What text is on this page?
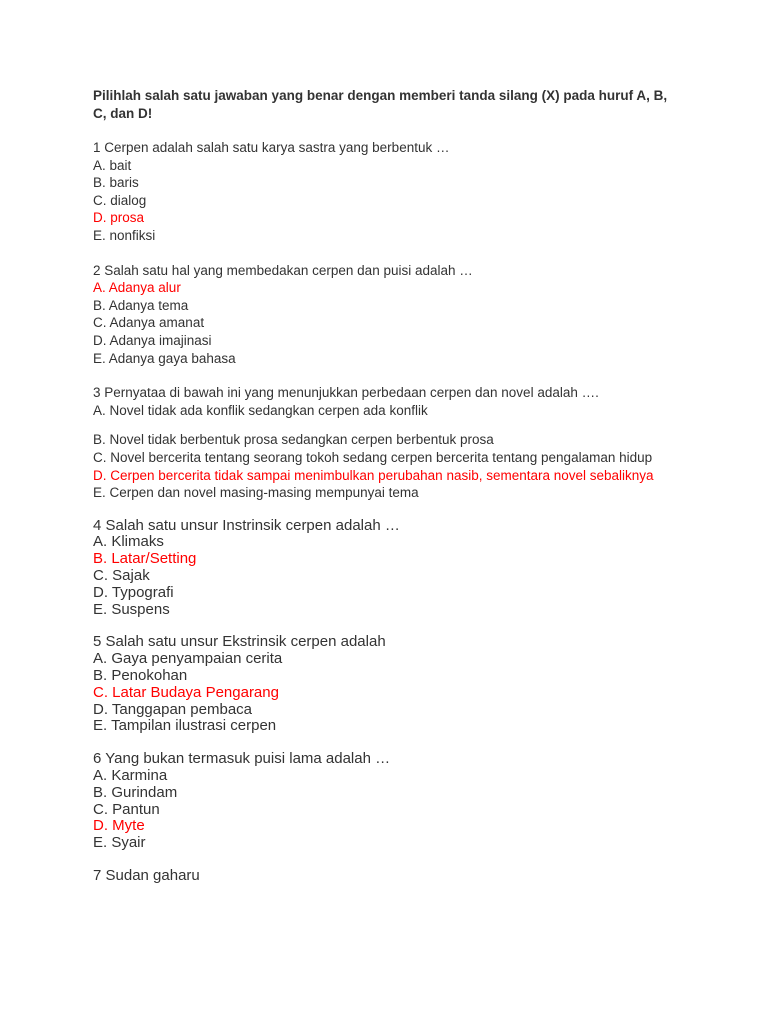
Pilihlah salah satu jawaban yang benar dengan memberi tanda silang (X) pada huruf A, B, C, dan D!

1 Cerpen adalah salah satu karya sastra yang berbentuk …
A. bait
B. baris
C. dialog
D. prosa
E. nonfiksi
2 Salah satu hal yang membedakan cerpen dan puisi adalah …
A. Adanya alur
B. Adanya tema
C. Adanya amanat
D. Adanya imajinasi
E. Adanya gaya bahasa
3 Pernyataa di bawah ini yang menunjukkan perbedaan cerpen dan novel adalah ….
A. Novel tidak ada konflik sedangkan cerpen ada konflik
B. Novel tidak berbentuk prosa sedangkan cerpen berbentuk prosa
C. Novel bercerita tentang seorang tokoh sedang cerpen bercerita tentang pengalaman hidup
D. Cerpen bercerita tidak sampai menimbulkan perubahan nasib, sementara novel sebaliknya
E. Cerpen dan novel masing-masing mempunyai tema
4 Salah satu unsur Instrinsik cerpen adalah …
A. Klimaks
B. Latar/Setting
C. Sajak
D. Typografi
E. Suspens
5 Salah satu unsur Ekstrinsik cerpen adalah
A. Gaya penyampaian cerita
B. Penokohan
C. Latar Budaya Pengarang
D. Tanggapan pembaca
E. Tampilan ilustrasi cerpen
6 Yang bukan termasuk puisi lama adalah …
A. Karmina
B. Gurindam
C. Pantun
D. Myte
E. Syair
7 Sudan gaharu
